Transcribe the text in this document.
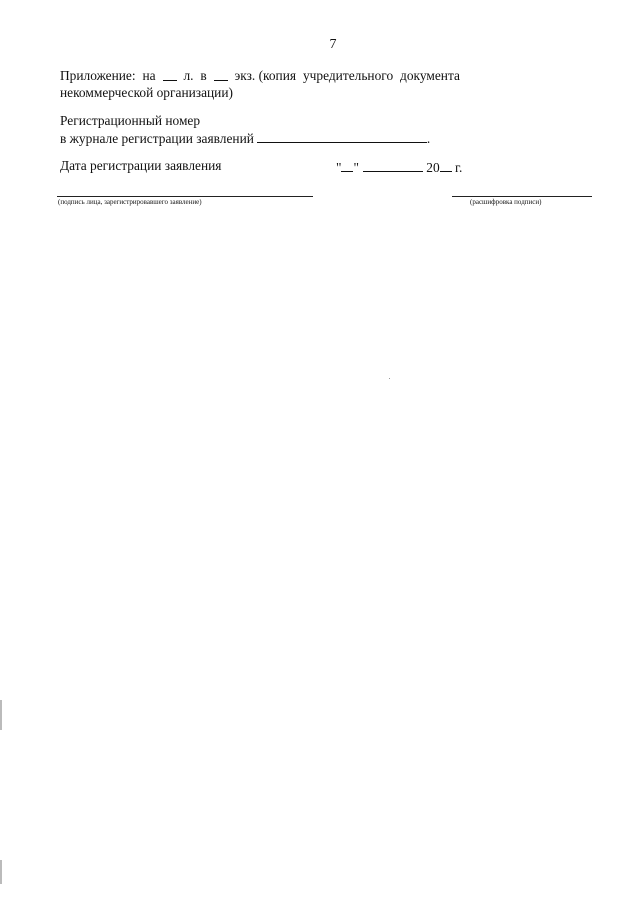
7
Приложение: на л. в экз. (копия учредительного документа
некоммерческой организации)
Регистрационный номер
в журнале регистрации заявлений	.
Дата регистрации заявления	" "	20 г.
(подпись лица, зарегистрировавшего заявление)	(расшифровка подписи)
